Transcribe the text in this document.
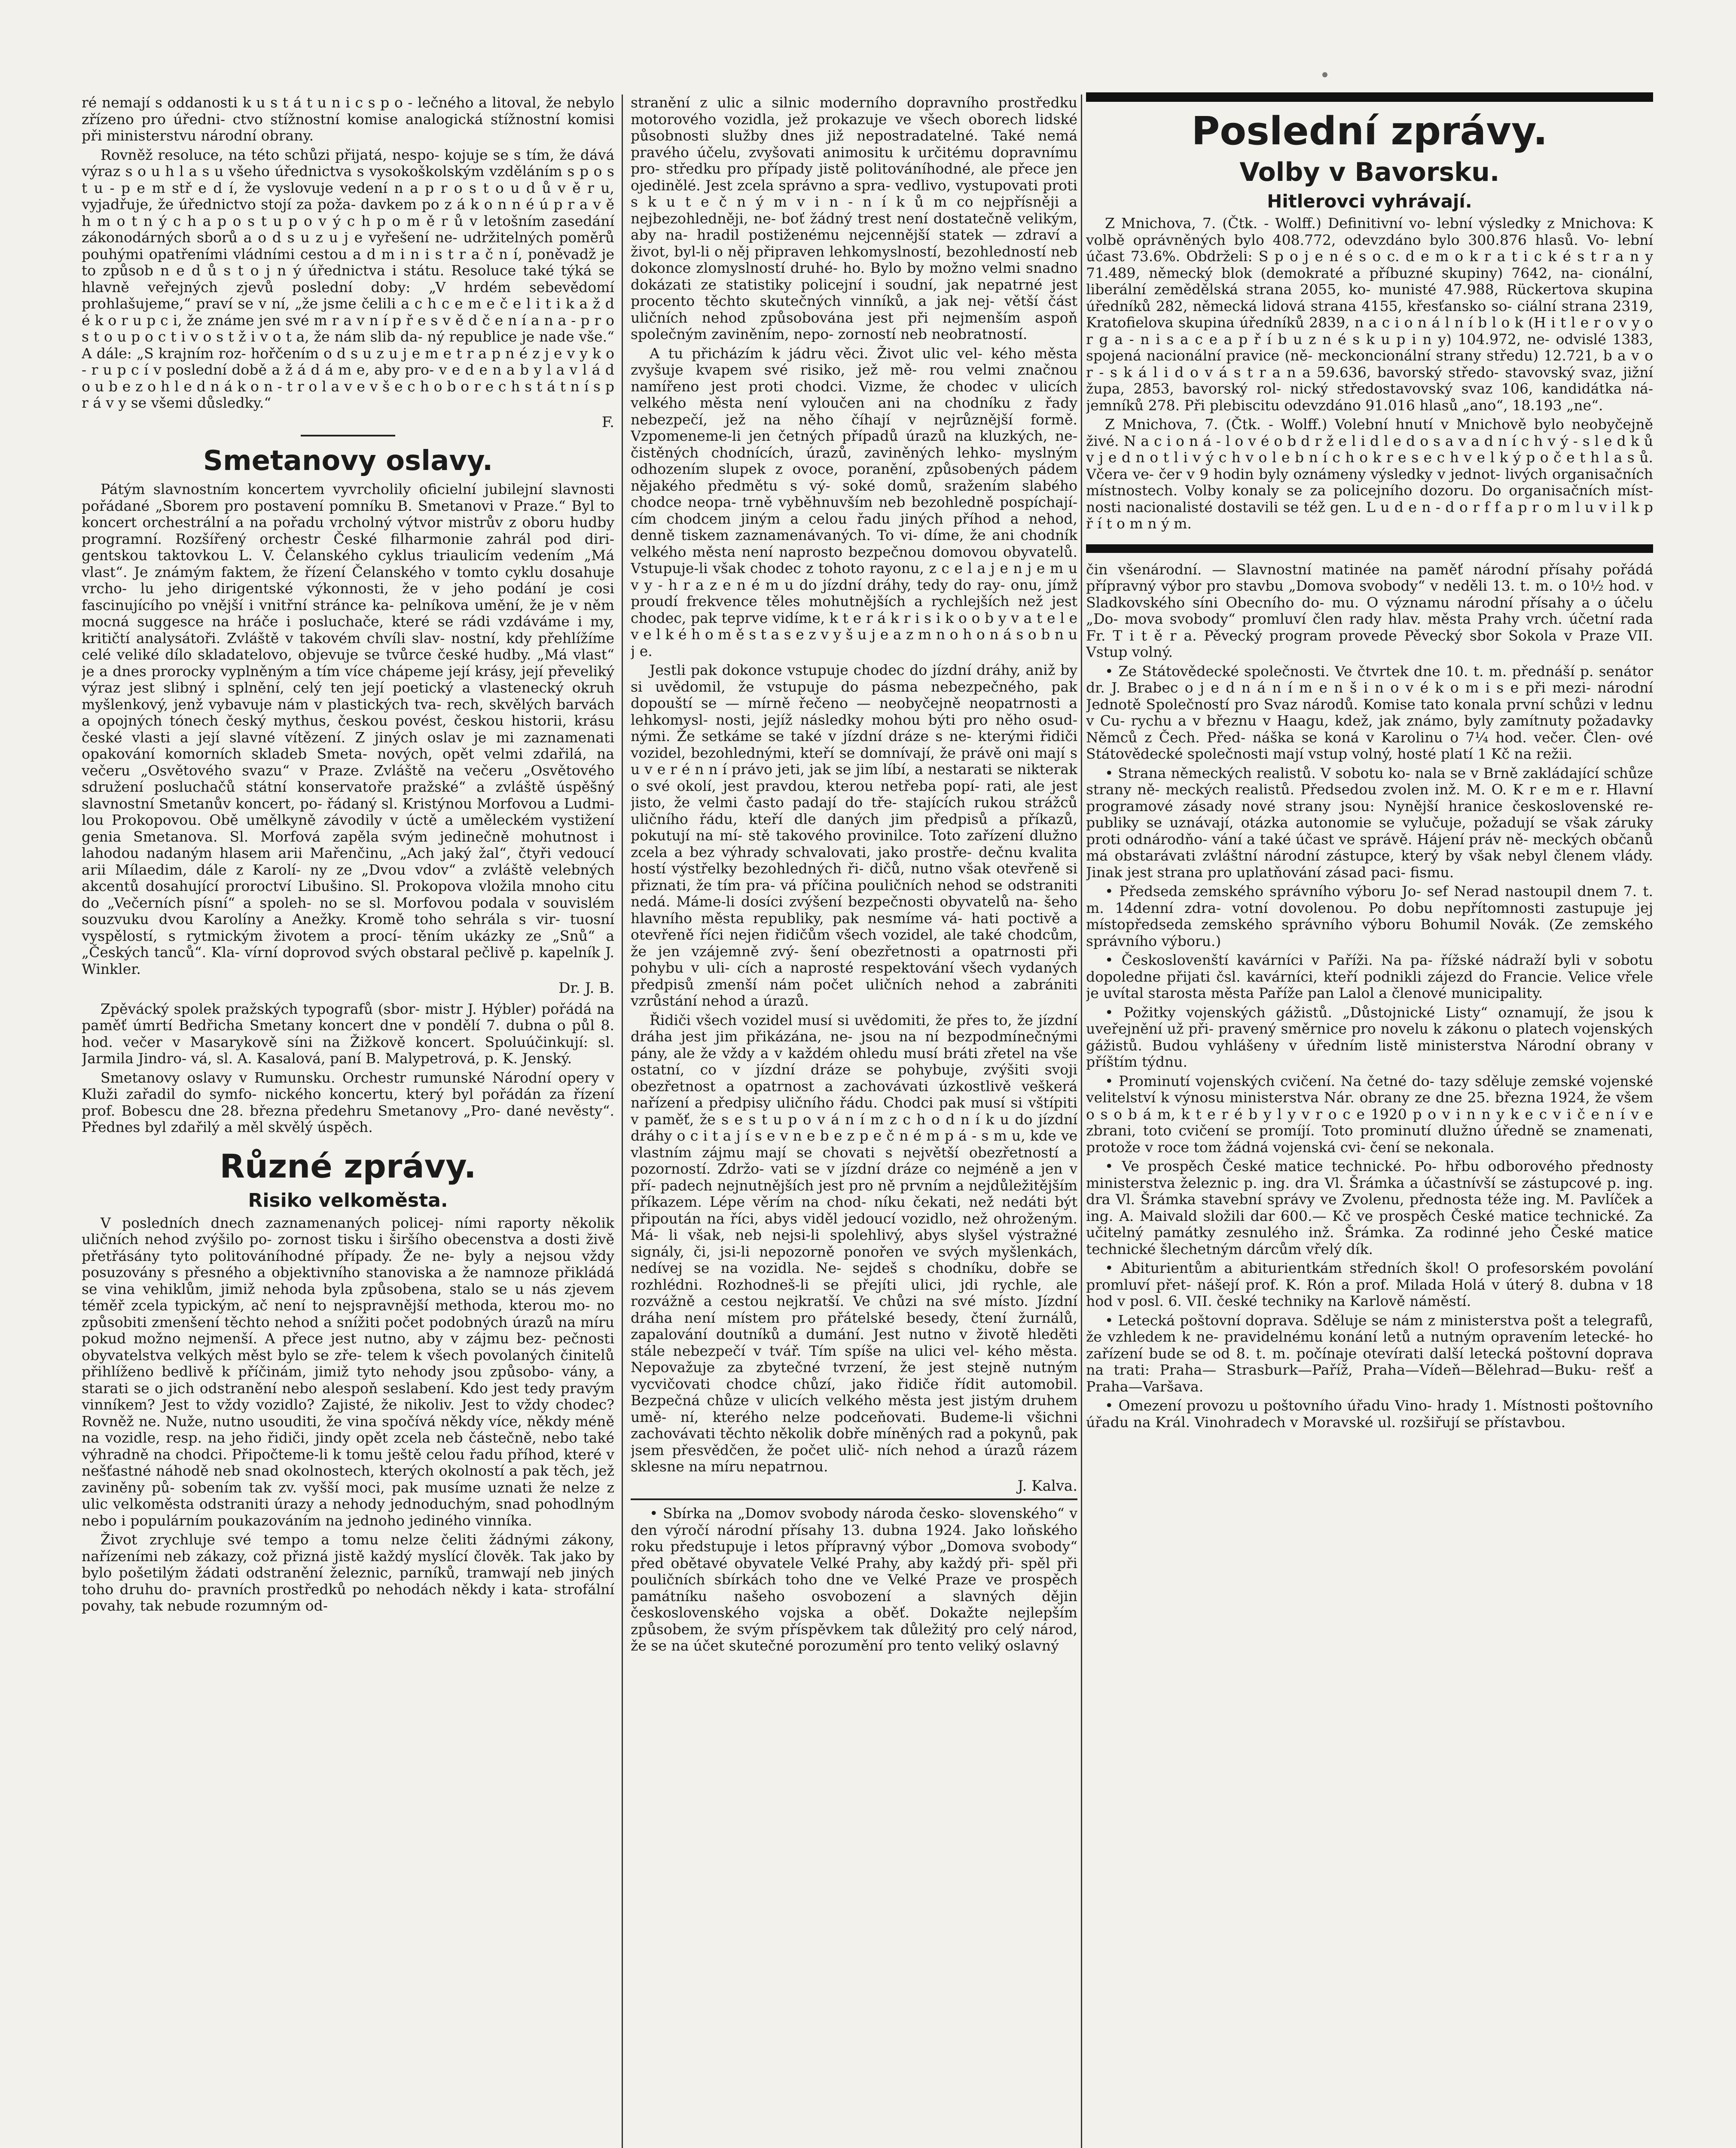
ré nemají s oddanosti k u s t á t u n i c s p o - lečného a litoval, že nebylo zřízeno pro úředni- ctvo stížnostní komise analogická stížnostní komisi při ministerstvu národní obrany.

Rovněž resoluce, na této schůzi přijatá, nespo- kojuje se s tím, že dává výraz s o u h l a s u všeho úřednictva s vysokoškolským vzděláním s p o s t u - p e m stř e d í, že vyslovuje vedení n a p r o s t o u d ů v ě r u, vyjadřuje, že úřednictvo stojí za poža- davkem po z á k o n n é ú p r a v ě h m o t n ý c h a p o s t u p o v ý c h p o m ě r ů v letošním zasedání zákonodárných sborů a o d s u z u j e vyřešení ne- udržitelných poměrů pouhými opatřeními vládními cestou a d m i n i s t r a č n í, poněvadž je to způsob n e d ů s t o j n ý úřednictva i státu. Resoluce také týká se hlavně veřejných zjevů poslední doby: „V hrdém sebevědomí prohlašujeme,“ praví se v ní, „že jsme čelili a c h c e m e č e l i t i k a ž d é k o r u p c i, že známe jen své m r a v n í p ř e s v ě d č e n í a n a - p r o s t o u p o c t i v o s t ž i v o t a, že nám slib da- ný republice je nade vše.“ A dále: „S krajním roz- hořčením o d s u z u j e m e t r a p n é z j e v y k o - r u p c í v poslední době a ž á d á m e, aby pro- v e d e n a b y l a v l á d o u b e z o h l e d n á k o n - t r o l a v e v š e c h o b o r e c h s t á t n í s p r á v y se všemi důsledky.“

F.

Smetanovy oslavy.

Pátým slavnostním koncertem vyvrcholily oficielní jubilejní slavnosti pořádané „Sborem pro postavení pomníku B. Smetanovi v Praze.“ Byl to koncert orchestrální a na pořadu vrcholný výtvor mistrův z oboru hudby programní. Rozšířený orchestr České filharmonie zahrál pod diri- gentskou taktovkou L. V. Čelanského cyklus triaulicím vedením „Má vlast“. Je známým faktem, že řízení Čelanského v tomto cyklu dosahuje vrcho- lu jeho dirigentské výkonnosti, že v jeho podání je cosi fascinujícího po vnější i vnitřní stránce ka- pelníkova umění, že je v něm mocná suggesce na hráče i posluchače, které se rádi vzdáváme i my, kritičtí analysátoři. Zvláště v takovém chvíli slav- nostní, kdy přehlížíme celé veliké dílo skladatelovo, objevuje se tvůrce české hudby. „Má vlast“ je a dnes prorocky vyplněným a tím více chápeme její krásy, její převeliký výraz jest slibný i splnění, celý ten její poetický a vlastenecký okruh myšlenkový, jenž vybavuje nám v plastických tva- rech, skvělých barvách a opojných tónech český mythus, českou povést, českou historii, krásu české vlasti a její slavné vítězení. Z jiných oslav je mi zaznamenati opakování komorních skladeb Smeta- nových, opět velmi zdařilá, na večeru „Osvětového svazu“ v Praze. Zvláště na večeru „Osvětového sdružení posluchačů státní konservatoře pražské“ a zvláště úspěšný slavnostní Smetanův koncert, po- řádaný sl. Kristýnou Morfovou a Ludmi- lou Prokopovou. Obě umělkyně závodily v úctě a uměleckém vystižení genia Smetanova. Sl. Morfová zapěla svým jedinečně mohutnost i lahodou nadaným hlasem arii Mařenčinu, „Ach jaký žal“, čtyři vedoucí arii Mílaedim, dále z Karolí- ny ze „Dvou vdov“ a zvláště velebných akcentů dosahující proroctví Libušino. Sl. Prokopova vložila mnoho citu do „Večerních písní“ a spoleh- no se sl. Morfovou podala v souvislém souzvuku dvou Karolíny a Anežky. Kromě toho sehrála s vir- tuosní vyspělostí, s rytmickým životem a procí- těním ukázky ze „Snů“ a „Českých tanců“. Kla- vírní doprovod svých obstaral pečlivě p. kapelník J. Winkler.

Dr. J. B.

Zpěvácký spolek pražských typografů (sbor- mistr J. Hýbler) pořádá na paměť úmrtí Bedřicha Smetany koncert dne v pondělí 7. dubna o půl 8. hod. večer v Masarykově síni na Žižkově koncert. Spoluúčinkují: sl. Jarmila Jindro- vá, sl. A. Kasalová, paní B. Malypetrová, p. K. Jenský.

Smetanovy oslavy v Rumunsku. Orchestr rumunské Národní opery v Kluži zařadil do symfo- nického koncertu, který byl pořádán za řízení prof. Bobescu dne 28. března předehru Smetanovy „Pro- dané nevěsty“. Přednes byl zdařilý a měl skvělý úspěch.

Různé zprávy.
Risiko velkoměsta.

V posledních dnech zaznamenaných policej- ními raporty několik uličních nehod zvýšilo po- zornost tisku i širšího obecenstva a dosti živě přetřásány tyto politováníhodné případy. Že ne- byly a nejsou vždy posuzovány s přesného a objektivního stanoviska a že namnoze přikládá se vina vehiklům, jimiž nehoda byla způsobena, stalo se u nás zjevem téměř zcela typickým, ač není to nejspravnější methoda, kterou mo- no způsobiti zmenšení těchto nehod a snížiti počet podobných úrazů na míru pokud možno nejmenší. A přece jest nutno, aby v zájmu bez- pečnosti obyvatelstva velkých měst bylo se zře- telem k všech povolaných činitelů přihlíženo bedlivě k příčinám, jimiž tyto nehody jsou způsobo- vány, a starati se o jich odstranění nebo alespoň seslabení. Kdo jest tedy pravým vinníkem? Jest to vždy vozidlo? Zajisté, že nikoliv. Jest to vždy chodec? Rovněž ne. Nuže, nutno usouditi, že vina spočívá někdy více, někdy méně na vozidle, resp. na jeho řidiči, jindy opět zcela neb částečně, nebo také výhradně na chodci. Připočteme-li k tomu ještě celou řadu příhod, které v nešťastné náhodě neb snad okolnostech, kterých okolností a pak těch, jež zaviněny pů- sobením tak zv. vyšší moci, pak musíme uznati že nelze z ulic velkoměsta odstraniti úrazy a nehody jednoduchým, snad pohodlným nebo i populárním poukazováním na jednoho jediného vinníka.

Život zrychluje své tempo a tomu nelze čeliti žádnými zákony, nařízeními neb zákazy, což přizná jistě každý myslící člověk. Tak jako by bylo pošetilým žádati odstranění železnic, parníků, tramwají neb jiných toho druhu do- pravních prostředků po nehodách někdy i kata- strofální povahy, tak nebude rozumným od-

stranění z ulic a silnic moderního dopravního prostředku motorového vozidla, jež prokazuje ve všech oborech lidské působnosti služby dnes již nepostradatelné. Také nemá pravého účelu, zvyšovati animositu k určitému dopravnímu pro- středku pro případy jistě politováníhodné, ale přece jen ojedinělé. Jest zcela správno a spra- vedlivo, vystupovati proti s k u t e č n ý m v i n - n í k ů m co nejpřísněji a nejbezohledněji, ne- boť žádný trest není dostatečně velikým, aby na- hradil postiženému nejcennější statek — zdraví a život, byl-li o něj připraven lehkomyslností, bezohledností neb dokonce zlomyslností druhé- ho. Bylo by možno velmi snadno dokázati ze statistiky policejní i soudní, jak nepatrné jest procento těchto skutečných vinníků, a jak nej- větší část uličních nehod způsobována jest při nejmenším aspoň společným zaviněním, nepo- zorností neb neobratností.

A tu přicházím k jádru věci. Život ulic vel- kého města zvyšuje kvapem své risiko, jež mě- rou velmi značnou namířeno jest proti chodci. Vizme, že chodec v ulicích velkého města není vyloučen ani na chodníku z řady nebezpečí, jež na něho číhají v nejrůznější formě. Vzpomeneme-li jen četných případů úrazů na kluzkých, ne- čistěných chodnících, úrazů, zaviněných lehko- myslným odhozením slupek z ovoce, poranění, způsobených pádem nějakého předmětu s vý- soké domů, sražením slabého chodce neopa- trně vyběhnuvším neb bezohledně pospíchají- cím chodcem jiným a celou řadu jiných příhod a nehod, denně tiskem zaznamenávaných. To vi- díme, že ani chodník velkého města není naprosto bezpečnou domovou obyvatelů. Vstupuje-li však chodec z tohoto rayonu, z c e l a j e n j e m u v y - h r a z e n é m u do jízdní dráhy, tedy do ray- onu, jímž proudí frekvence těles mohutnějších a rychlejších než jest chodec, pak teprve vidíme, k t e r á k r i s i k o o b y v a t e l e v e l k é h o m ě s t a s e z v y š u j e a z m n o h o n á s o b n u j e.

Jestli pak dokonce vstupuje chodec do jízdní dráhy, aniž by si uvědomil, že vstupuje do pásma nebezpečného, pak dopouští se — mírně řečeno — neobyčejně neopatrnosti a lehkomysl- nosti, jejíž následky mohou býti pro něho osud- nými. Že setkáme se také v jízdní dráze s ne- kterými řidiči vozidel, bezohlednými, kteří se domnívají, že právě oni mají s u v e r é n n í právo jeti, jak se jim líbí, a nestarati se nikterak o své okolí, jest pravdou, kterou netřeba popí- rati, ale jest jisto, že velmi často padají do tře- stajících rukou strážců uličního řádu, kteří dle daných jim předpisů a příkazů, pokutují na mí- stě takového provinilce. Toto zařízení dlužno zcela a bez výhrady schvalovati, jako prostře- dečnu kvalita hostí výstřelky bezohledných ři- dičů, nutno však otevřeně si přiznati, že tím pra- vá příčina pouličních nehod se odstraniti nedá. Máme-li dosíci zvýšení bezpečnosti obyvatelů na- šeho hlavního města republiky, pak nesmíme vá- hati poctivě a otevřeně říci nejen řidičům všech vozidel, ale také chodcům, že jen vzájemně zvý- šení obezřetnosti a opatrnosti při pohybu v uli- cích a naprosté respektování všech vydaných předpisů zmenší nám počet uličních nehod a zabrániti vzrůstání nehod a úrazů.

Řidiči všech vozidel musí si uvědomiti, že přes to, že jízdní dráha jest jim přikázána, ne- jsou na ní bezpodmínečnými pány, ale že vždy a v každém ohledu musí bráti zřetel na vše ostatní, co v jízdní dráze se pohybuje, zvýšiti svoji obezřetnost a opatrnost a zachovávati úzkostlivě veškerá nařízení a předpisy uličního řádu. Chodci pak musí si vštípiti v paměť, že s e s t u p o v á n í m z c h o d n í k u do jízdní dráhy o c i t a j í s e v n e b e z p e č n é m p á - s m u, kde ve vlastním zájmu mají se chovati s největší obezřetností a pozorností. Zdržo- vati se v jízdní dráze co nejméně a jen v pří- padech nejnutnějších jest pro ně prvním a nejdůležitějším příkazem. Lépe věrím na chod- níku čekati, než nedáti být připoután na říci, abys viděl jedoucí vozidlo, než ohroženým. Má- li však, neb nejsi-li spolehlivý, abys slyšel výstražné signály, či, jsi-li nepozorně ponořen ve svých myšlenkách, nedívej se na vozidla. Ne- sejdeš s chodníku, dobře se rozhlédni. Rozhodneš-li se přejíti ulici, jdi rychle, ale rozvážně a cestou nejkratší. Ve chůzi na své místo. Jízdní dráha není místem pro přátelské besedy, čtení žurnálů, zapalování doutníků a dumání. Jest nutno v životě hleděti stále nebezpečí v tvář. Tím spíše na ulici vel- kého města. Nepovažuje za zbytečné tvrzení, že jest stejně nutným vycvičovati chodce chůzí, jako řidiče řídit automobil. Bezpečná chůze v ulicích velkého města jest jistým druhem umě- ní, kterého nelze podceňovati. Budeme-li všichni zachovávati těchto několik dobře míněných rad a pokynů, pak jsem přesvědčen, že počet ulič- ních nehod a úrazů rázem sklesne na míru nepatrnou.

J. Kalva.

• Sbírka na „Domov svobody národa česko- slovenského“ v den výročí národní přísahy 13. dubna 1924. Jako loňského roku předstupuje i letos přípravný výbor „Domova svobody“ před obětavé obyvatele Velké Prahy, aby každý při- spěl při pouličních sbírkách toho dne ve Velké Praze ve prospěch památníku našeho osvobození a slavných dějin československého vojska a oběť. Dokažte nejlepším způsobem, že svým příspěvkem tak důležitý pro celý národ, že se na účet skutečné porozumění pro tento veliký oslavný

Poslední zprávy.
Volby v Bavorsku.
Hitlerovci vyhrávají.

Z Mnichova, 7. (Čtk. - Wolff.) Definitivní vo- lební výsledky z Mnichova: K volbě oprávněných bylo 408.772, odevzdáno bylo 300.876 hlasů. Vo- lební účast 73.6%. Obdrželi: S p o j e n é s o c. d e m o k r a t i c k é s t r a n y 71.489, německý blok (demokraté a příbuzné skupiny) 7642, na- cionální, liberální zemědělská strana 2055, ko- munisté 47.988, Rückertova skupina úředníků 282, německá lidová strana 4155, křesťansko so- ciální strana 2319, Kratofielova skupina úředníků 2839, n a c i o n á l n í b l o k (H i t l e r o v y o r g a - n i s a c e a p ř í b u z n é s k u p i n y) 104.972, ne- odvislé 1383, spojená nacionální pravice (ně- meckoncionální strany středu) 12.721, b a v o r - s k á l i d o v á s t r a n a 59.636, bavorský středo- stavovský svaz, jižní župa, 2853, bavorský rol- nický středostavovský svaz 106, kandidátka ná- jemníků 278. Při plebiscitu odevzdáno 91.016 hlasů „ano“, 18.193 „ne“.

Z Mnichova, 7. (Čtk. - Wolff.) Volební hnutí v Mnichově bylo neobyčejně živé. N a c i o n á - l o v é o b d r ž e l i d l e d o s a v a d n í c h v ý - s l e d k ů v j e d n o t l i v ý c h v o l e b n í c h o k r e s e c h v e l k ý p o č e t h l a s ů. Včera ve- čer v 9 hodin byly oznámeny výsledky v jednot- livých organisačních místnostech. Volby konaly se za policejního dozoru. Do organisačních míst- nosti nacionalisté dostavili se též gen. L u d e n - d o r f f a p r o m l u v i l k p ř í t o m n ý m.

čin všenárodní. — Slavnostní matinée na paměť národní přísahy pořádá přípravný výbor pro stavbu „Domova svobody“ v neděli 13. t. m. o 10½ hod. v Sladkovského síni Obecního do- mu. O významu národní přísahy a o účelu „Do- mova svobody“ promluví člen rady hlav. města Prahy vrch. účetní rada Fr. T i t ě r a. Pěvecký program provede Pěvecký sbor Sokola v Praze VII. Vstup volný.

• Ze Státovědecké společnosti. Ve čtvrtek dne 10. t. m. přednáší p. senátor dr. J. Brabec o j e d n á n í m e n š i n o v é k o m i s e při mezi- národní Jednotě Společností pro Svaz národů. Komise tato konala první schůzi v lednu v Cu- rychu a v březnu v Haagu, kdež, jak známo, byly zamítnuty požadavky Němců z Čech. Před- náška se koná v Karolinu o 7¼ hod. večer. Člen- ové Státovědecké společnosti mají vstup volný, hosté platí 1 Kč na režii.

• Strana německých realistů. V sobotu ko- nala se v Brně zakládající schůze strany ně- meckých realistů. Předsedou zvolen inž. M. O. K r e m e r. Hlavní programové zásady nové strany jsou: Nynější hranice československé re- publiky se uznávají, otázka autonomie se vylučuje, požadují se však záruky proti odnárodňo- vání a také účast ve správě. Hájení práv ně- meckých občanů má obstarávati zvláštní národní zástupce, který by však nebyl členem vlády. Jinak jest strana pro uplatňování zásad paci- fismu.

• Předseda zemského správního výboru Jo- sef Nerad nastoupil dnem 7. t. m. 14denní zdra- votní dovolenou. Po dobu nepřítomnosti zastupuje jej místopředseda zemského správního výboru Bohumil Novák. (Ze zemského správního výboru.)

• Českoslovenští kavárníci v Paříži. Na pa- řížské nádraží byli v sobotu dopoledne přijati čsl. kavárníci, kteří podnikli zájezd do Francie. Velice vřele je uvítal starosta města Paříže pan Lalol a členové municipality.

• Požitky vojenských gážistů. „Důstojnické Listy“ oznamují, že jsou k uveřejnění už při- pravený směrnice pro novelu k zákonu o platech vojenských gážistů. Budou vyhlášeny v úředním listě ministerstva Národní obrany v příštím týdnu.

• Prominutí vojenských cvičení. Na četné do- tazy sděluje zemské vojenské velitelství k výnosu ministerstva Nár. obrany ze dne 25. března 1924, že všem o s o b á m, k t e r é b y l y v r o c e 1920 p o v i n n y k e c v i č e n í v e zbrani, toto cvičení se promíjí. Toto prominutí dlužno úředně se znamenati, protože v roce tom žádná vojenská cvi- čení se nekonala.

• Ve prospěch České matice technické. Po- hřbu odborového přednosty ministerstva železnic p. ing. dra Vl. Šrámka a účastnívší se zástupcové p. ing. dra Vl. Šrámka stavební správy ve Zvolenu, přednosta téže ing. M. Pavlíček a ing. A. Maivald složili dar 600.— Kč ve prospěch České matice technické. Za učitelný památky zesnulého inž. Šrámka. Za rodinné jeho České matice technické šlechetným dárcům vřelý dík.

• Abiturientům a abiturientkám středních škol! O profesorském povolání promluví přet- nášejí prof. K. Rón a prof. Milada Holá v úterý 8. dubna v 18 hod v posl. 6. VII. české techniky na Karlově náměstí.

• Letecká poštovní doprava. Sděluje se nám z ministerstva pošt a telegrafů, že vzhledem k ne- pravidelnému konání letů a nutným opravením letecké- ho zařízení bude se od 8. t. m. počínaje otevírati další letecká poštovní doprava na trati: Praha— Strasburk—Paříž, Praha—Vídeň—Bělehrad—Buku- rešť a Praha—Varšava.

• Omezení provozu u poštovního úřadu Vino- hrady 1. Místnosti poštovního úřadu na Král. Vinohradech v Moravské ul. rozšiřují se přístavbou.
